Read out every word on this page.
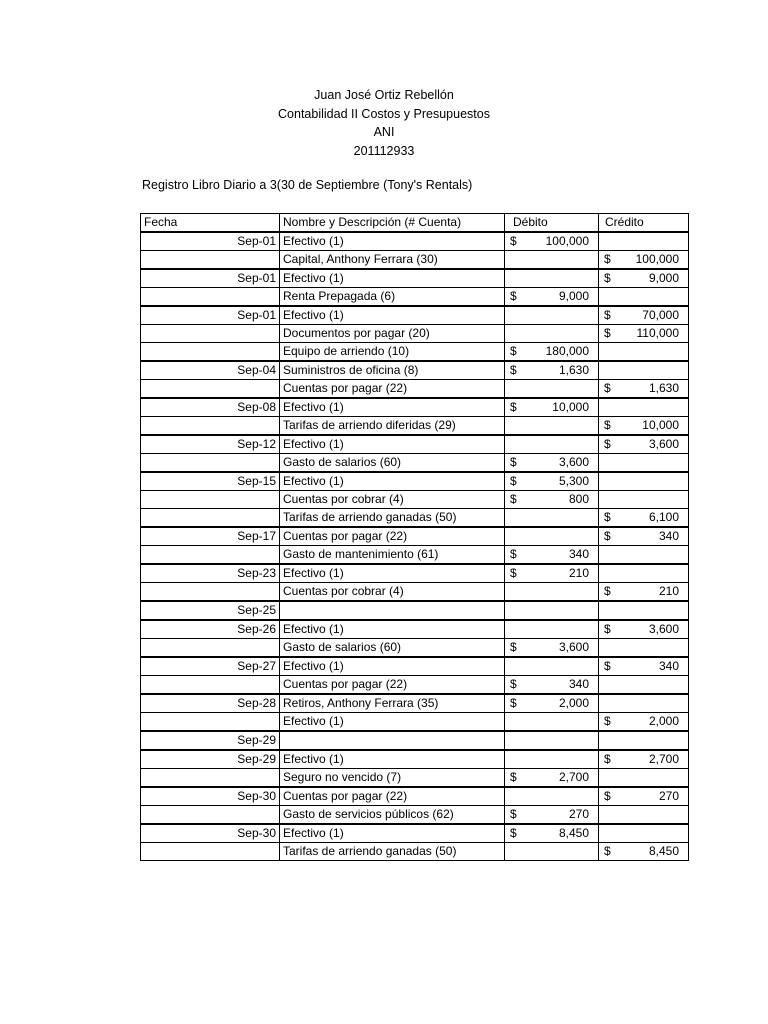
Juan José Ortiz Rebellón
Contabilidad II Costos y Presupuestos
ANI
201112933
Registro Libro Diario a 3(30 de Septiembre (Tony's Rentals)
Fecha	Nombre y Descripción (# Cuenta)	Débito	Crédito
Sep-01	Efectivo (1)	$ 100,000	

	Capital, Anthony Ferrara (30)		$ 100,000

Sep-01	Efectivo (1)		$ 9,000

	Renta Prepagada (6)	$ 9,000	

Sep-01	Efectivo (1)		$ 70,000

	Documentos por pagar (20)		$ 110,000

	Equipo de arriendo (10)	$ 180,000	

Sep-04	Suministros de oficina (8)	$ 1,630	

	Cuentas por pagar (22)		$ 1,630

Sep-08	Efectivo (1)	$ 10,000	

	Tarifas de arriendo diferidas (29)		$ 10,000

Sep-12	Efectivo (1)		$ 3,600

	Gasto de salarios (60)	$ 3,600	

Sep-15	Efectivo (1)	$ 5,300	

	Cuentas por cobrar (4)	$ 800	

	Tarifas de arriendo ganadas (50)		$ 6,100

Sep-17	Cuentas por pagar (22)		$ 340

	Gasto de mantenimiento (61)	$ 340	

Sep-23	Efectivo (1)	$ 210	

	Cuentas por cobrar (4)		$ 210

Sep-25			
Sep-26	Efectivo (1)		$ 3,600

	Gasto de salarios (60)	$ 3,600	

Sep-27	Efectivo (1)		$ 340

	Cuentas por pagar (22)	$ 340	

Sep-28	Retiros, Anthony Ferrara (35)	$ 2,000	

	Efectivo (1)		$ 2,000

Sep-29			
Sep-29	Efectivo (1)		$ 2,700

	Seguro no vencido (7)	$ 2,700	

Sep-30	Cuentas por pagar (22)		$ 270

	Gasto de servicios públicos (62)	$ 270	

Sep-30	Efectivo (1)	$ 8,450	

	Tarifas de arriendo ganadas (50)		$ 8,450
